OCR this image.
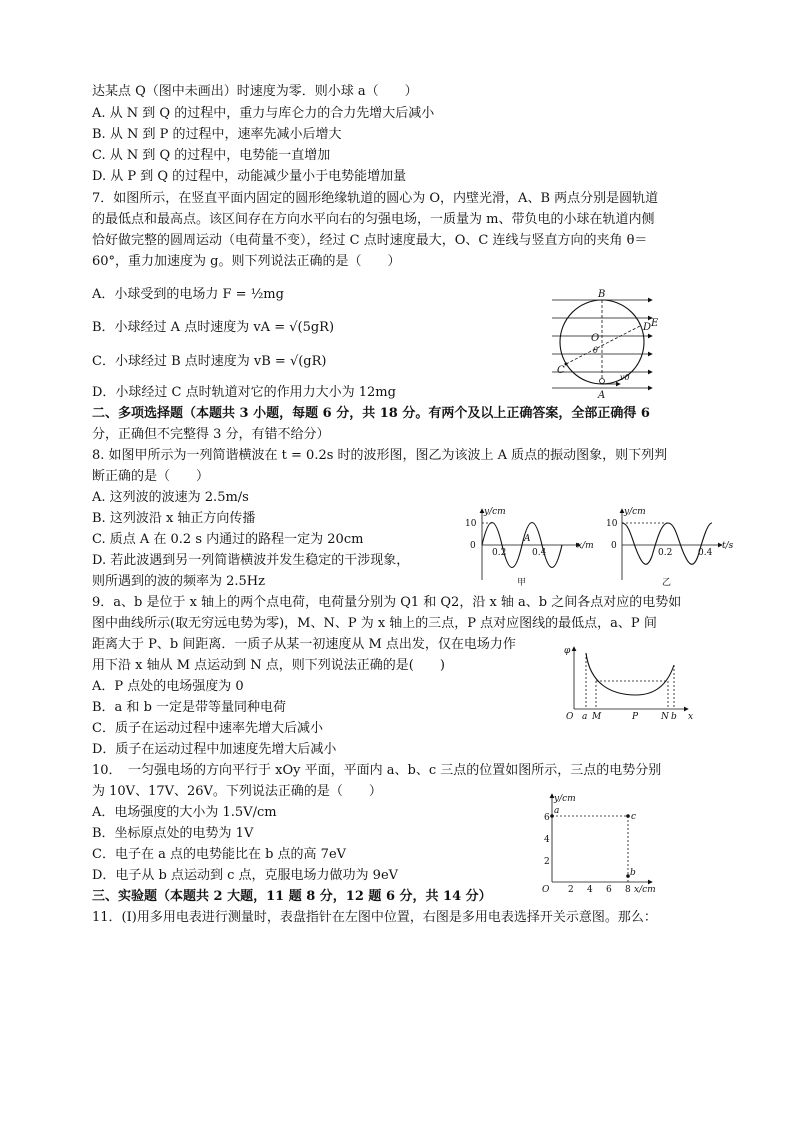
达某点 Q（图中未画出）时速度为零．则小球 a（　　）
A. 从 N 到 Q 的过程中，重力与库仑力的合力先增大后减小
B. 从 N 到 P 的过程中，速率先减小后增大
C. 从 N 到 Q 的过程中，电势能一直增加
D. 从 P 到 Q 的过程中，动能减少量小于电势能增加量
7．如图所示，在竖直平面内固定的圆形绝缘轨道的圆心为 O，内壁光滑，A、B 两点分别是圆轨道
的最低点和最高点。该区间存在方向水平向右的匀强电场，一质量为 m、带负电的小球在轨道内侧
恰好做完整的圆周运动（电荷量不变），经过 C 点时速度最大，O、C 连线与竖直方向的夹角 θ＝
60°，重力加速度为 g。则下列说法正确的是（　　）
A．小球受到的电场力 F = ½mg
B．小球经过 A 点时速度为 vA = √(5gR)
C．小球经过 B 点时速度为 vB = √(gR)
D．小球经过 C 点时轨道对它的作用力大小为 12mg
二、多项选择题（本题共 3 小题，每题 6 分，共 18 分。有两个及以上正确答案，全部正确得 6
分，正确但不完整得 3 分，有错不给分）
8. 如图甲所示为一列简谐横波在 t = 0.2s 时的波形图，图乙为该波上 A 质点的振动图象，则下列判
断正确的是（　　）
A. 这列波的波速为 2.5m/s
B. 这列波沿 x 轴正方向传播
C. 质点 A 在 0.2 s 内通过的路程一定为 20cm
D. 若此波遇到另一列简谐横波并发生稳定的干涉现象，
则所遇到的波的频率为 2.5Hz
9．a、b 是位于 x 轴上的两个点电荷，电荷量分别为 Q1 和 Q2，沿 x 轴 a、b 之间各点对应的电势如
图中曲线所示(取无穷远电势为零)，M、N、P 为 x 轴上的三点，P 点对应图线的最低点，a、P 间
距离大于 P、b 间距离．一质子从某一初速度从 M 点出发，仅在电场力作
用下沿 x 轴从 M 点运动到 N 点，则下列说法正确的是(　　)
A．P 点处的电场强度为 0
B．a 和 b 一定是带等量同种电荷
C．质子在运动过程中速率先增大后减小
D．质子在运动过程中加速度先增大后减小
10．　一匀强电场的方向平行于 xOy 平面，平面内 a、b、c 三点的位置如图所示，三点的电势分别
为 10V、17V、26V。下列说法正确的是（　　）
A．电场强度的大小为 1.5V/cm
B．坐标原点处的电势为 1V
C．电子在 a 点的电势能比在 b 点的高 7eV
D．电子从 b 点运动到 c 点，克服电场力做功为 9eV
三、实验题（本题共 2 大题，11 题 8 分，12 题 6 分，共 14 分）
11．(Ⅰ)用多用电表进行测量时，表盘指针在左图中位置，右图是多用电表选择开关示意图。那么：
B
O
D E
C
A
θ
v0
y/cm
10
0
0.2	0.4
A
x/m
甲
y/cm
10
0
0.2	0.4
t/s
乙
φ
O a M	P	N b x
y/cm
2
4
6
O 2 4 6 8 x/cm
a
c
b
